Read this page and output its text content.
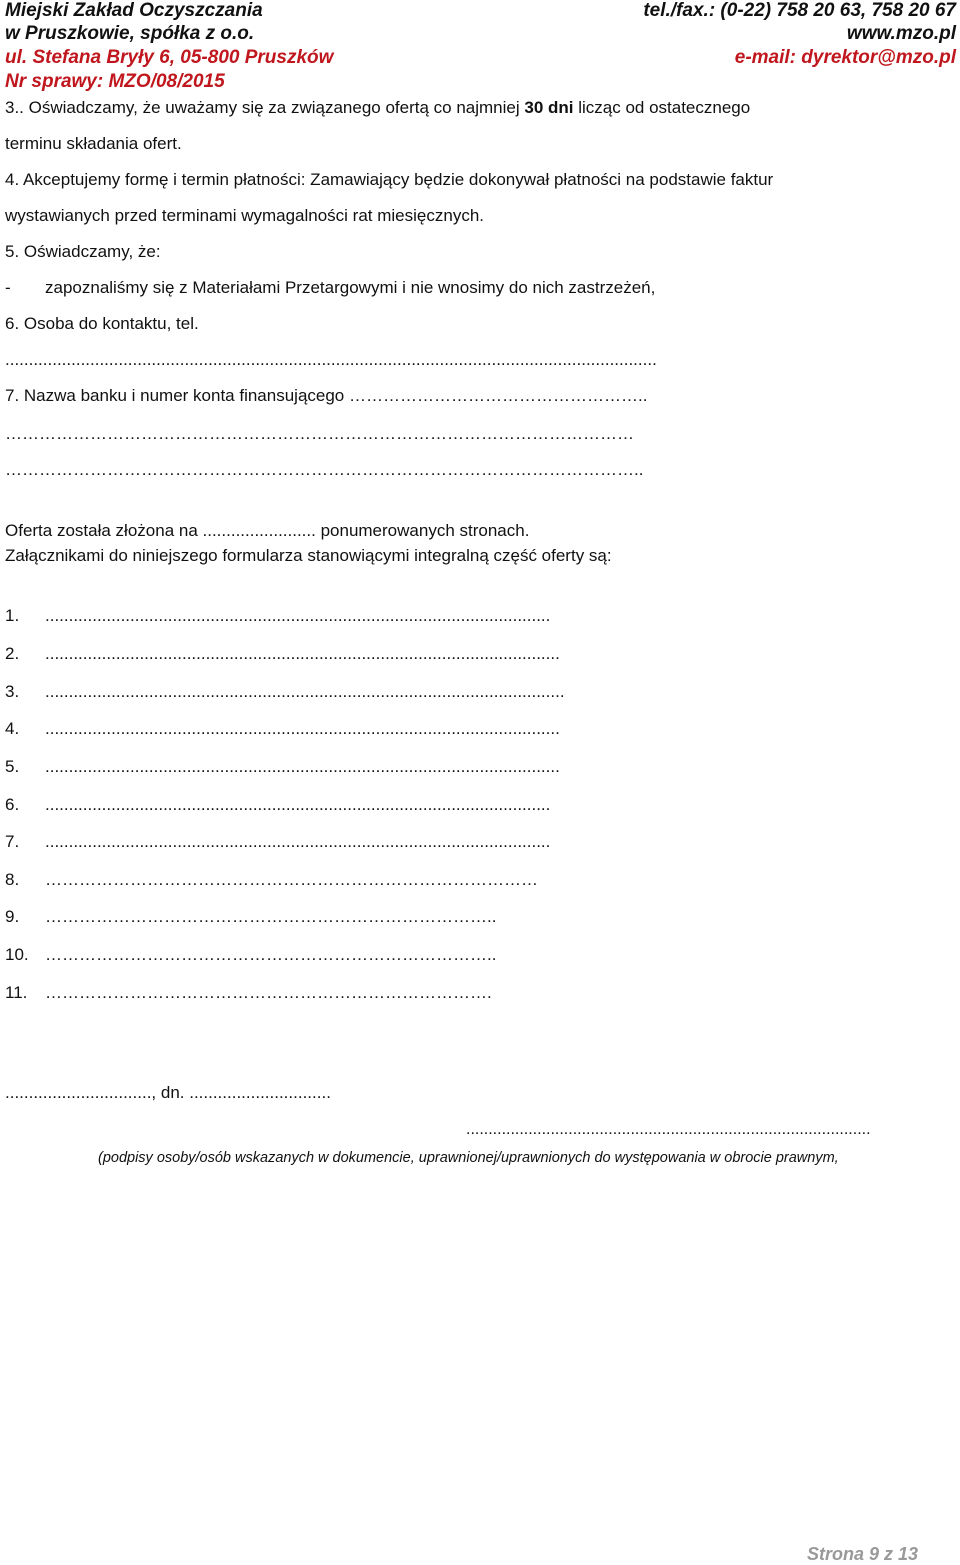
Miejski Zakład Oczyszczania
w Pruszkowie, spółka z o.o.
ul. Stefana Bryły 6, 05-800 Pruszków
Nr sprawy: MZO/08/2015
tel./fax.: (0-22) 758 20 63, 758 20 67
www.mzo.pl
e-mail: dyrektor@mzo.pl
3.. Oświadczamy, że uważamy się za związanego ofertą co najmniej 30 dni licząc od ostatecznego
terminu składania ofert.
4. Akceptujemy formę i termin płatności: Zamawiający będzie dokonywał płatności na podstawie faktur
wystawianych przed terminami wymagalności rat miesięcznych.
5. Oświadczamy, że:
- zapoznaliśmy się z Materiałami Przetargowymi i nie wnosimy do nich zastrzeżeń,
6. Osoba do kontaktu, tel.
..........................................................................................................................................
7. Nazwa banku i numer konta finansującego ……………………………………………..
…………………………………………………………………………………………………
…………………………………………………………………………………………………..
Oferta została złożona na ........................ ponumerowanych stronach.
Załącznikami do niniejszego formularza stanowiącymi integralną część oferty są:
1. ...........................................................................................................
2. .............................................................................................................
3. ..............................................................................................................
4. .............................................................................................................
5. .............................................................................................................
6. ...........................................................................................................
7. ...........................................................................................................
8. ……………………………………………………………………………
9. ……………………………………………………………………..
10. ……………………………………………………………………..
11. …………………………………………………………………….
..............................., dn. ..............................
...........................................................................................
(podpisy osoby/osób wskazanych w dokumencie, uprawnionej/uprawnionych do występowania w obrocie prawnym,
Strona 9 z 13
